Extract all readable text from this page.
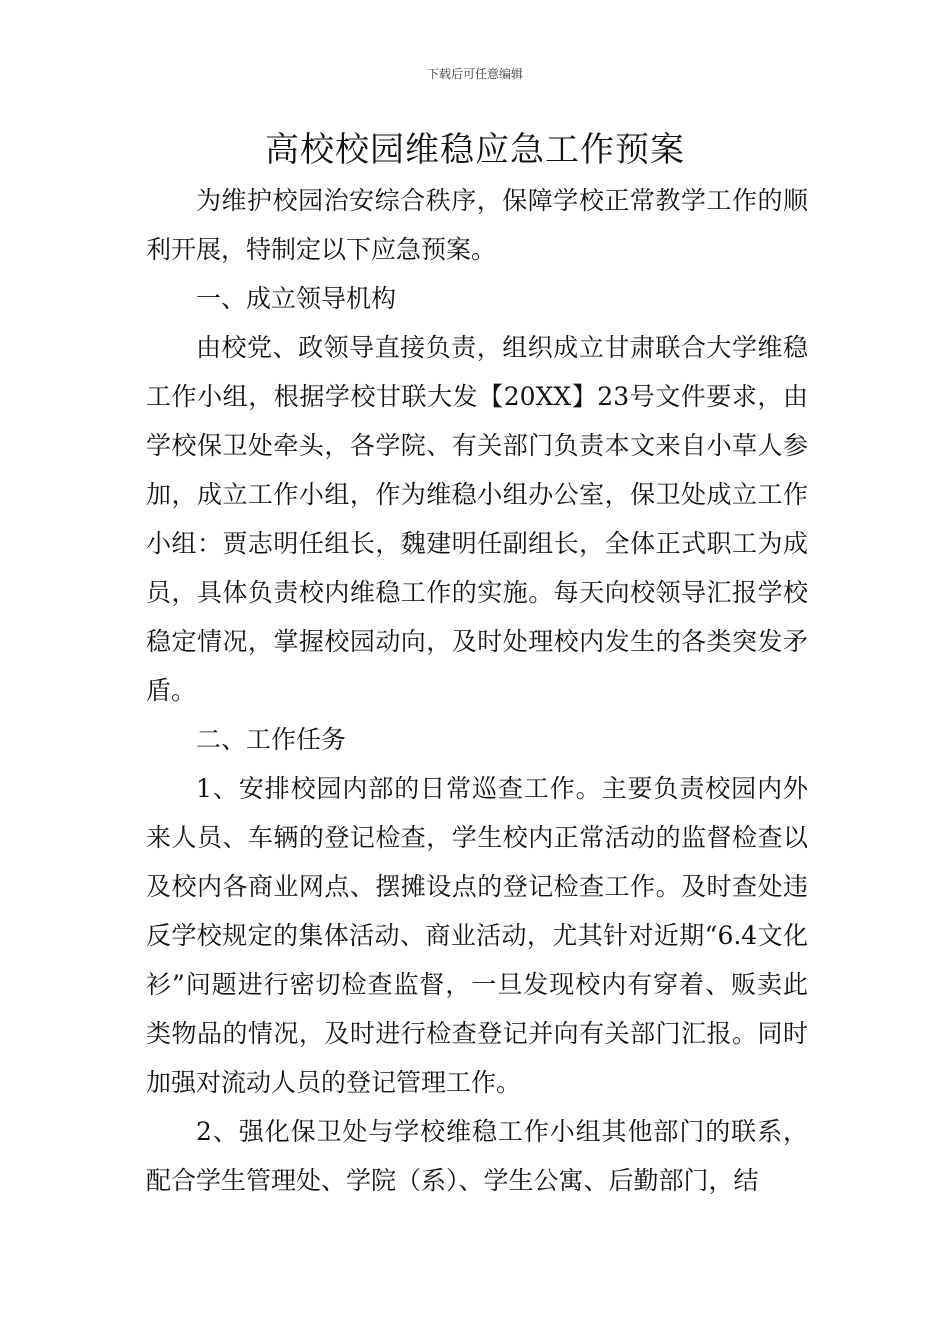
下载后可任意编辑
高校校园维稳应急工作预案

为维护校园治安综合秩序，保障学校正常教学工作的顺利开展，特制定以下应急预案。

一、成立领导机构

由校党、政领导直接负责，组织成立甘肃联合大学维稳工作小组，根据学校甘联大发【20XX】23号文件要求，由学校保卫处牵头，各学院、有关部门负责本文来自小草人参加，成立工作小组，作为维稳小组办公室，保卫处成立工作小组：贾志明任组长，魏建明任副组长，全体正式职工为成员，具体负责校内维稳工作的实施。每天向校领导汇报学校稳定情况，掌握校园动向，及时处理校内发生的各类突发矛盾。

二、工作任务

1、安排校园内部的日常巡查工作。主要负责校园内外来人员、车辆的登记检查，学生校内正常活动的监督检查以及校内各商业网点、摆摊设点的登记检查工作。及时查处违反学校规定的集体活动、商业活动，尤其针对近期“6.4文化衫”问题进行密切检查监督，一旦发现校内有穿着、贩卖此类物品的情况，及时进行检查登记并向有关部门汇报。同时加强对流动人员的登记管理工作。

2、强化保卫处与学校维稳工作小组其他部门的联系，配合学生管理处、学院（系）、学生公寓、后勤部门，结
